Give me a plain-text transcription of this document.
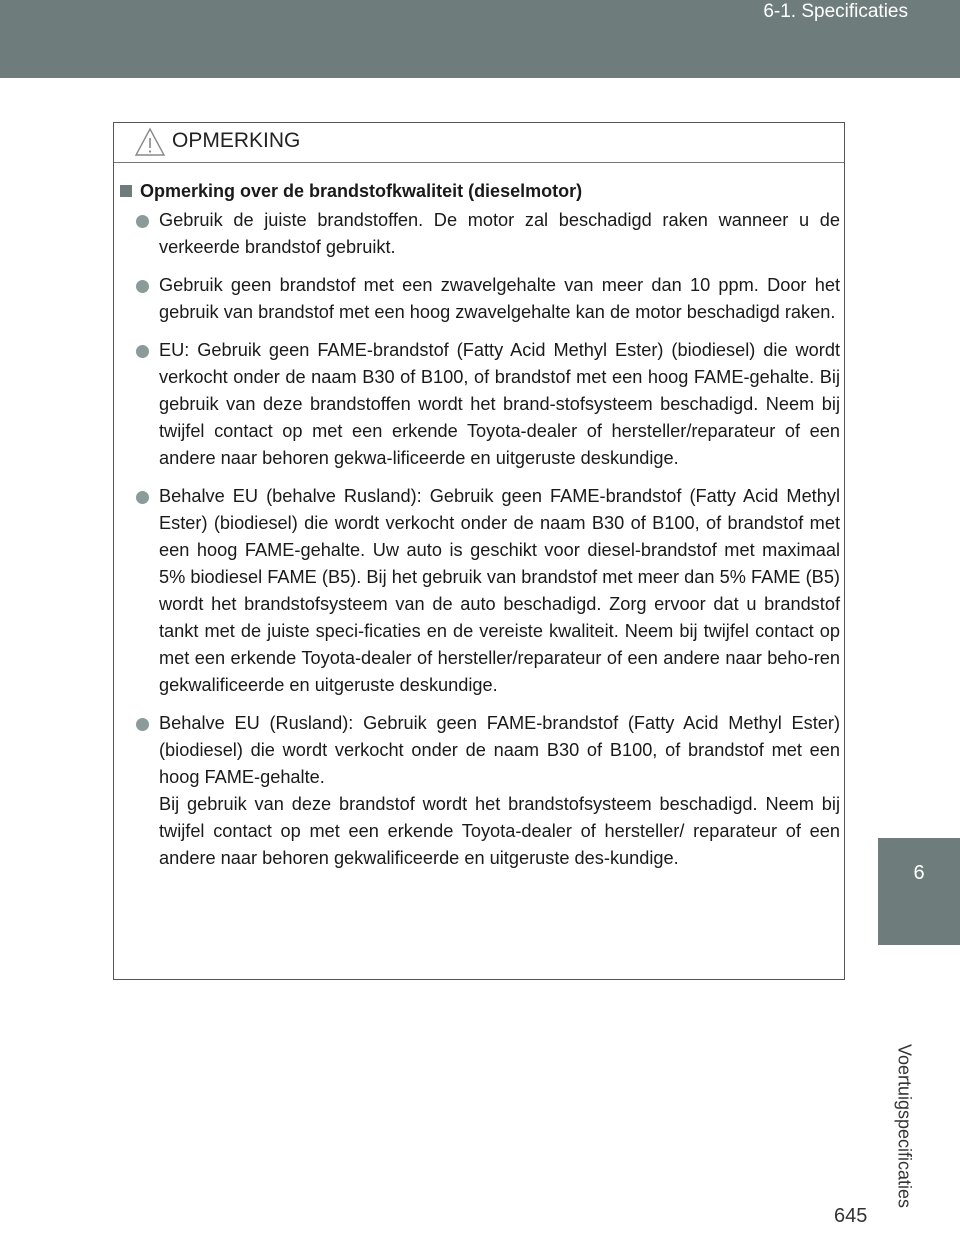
6-1. Specificaties
OPMERKING
Opmerking over de brandstofkwaliteit (dieselmotor)
Gebruik de juiste brandstoffen. De motor zal beschadigd raken wanneer u de verkeerde brandstof gebruikt.
Gebruik geen brandstof met een zwavelgehalte van meer dan 10 ppm. Door het gebruik van brandstof met een hoog zwavelgehalte kan de motor beschadigd raken.
EU: Gebruik geen FAME-brandstof (Fatty Acid Methyl Ester) (biodiesel) die wordt verkocht onder de naam B30 of B100, of brandstof met een hoog FAME-gehalte. Bij gebruik van deze brandstoffen wordt het brand-stofsysteem beschadigd. Neem bij twijfel contact op met een erkende Toyota-dealer of hersteller/reparateur of een andere naar behoren gekwa-lificeerde en uitgeruste deskundige.
Behalve EU (behalve Rusland): Gebruik geen FAME-brandstof (Fatty Acid Methyl Ester) (biodiesel) die wordt verkocht onder de naam B30 of B100, of brandstof met een hoog FAME-gehalte. Uw auto is geschikt voor diesel-brandstof met maximaal 5% biodiesel FAME (B5). Bij het gebruik van brandstof met meer dan 5% FAME (B5) wordt het brandstofsysteem van de auto beschadigd. Zorg ervoor dat u brandstof tankt met de juiste speci-ficaties en de vereiste kwaliteit. Neem bij twijfel contact op met een erkende Toyota-dealer of hersteller/reparateur of een andere naar beho-ren gekwalificeerde en uitgeruste deskundige.
Behalve EU (Rusland): Gebruik geen FAME-brandstof (Fatty Acid Methyl Ester) (biodiesel) die wordt verkocht onder de naam B30 of B100, of brandstof met een hoog FAME-gehalte.
Bij gebruik van deze brandstof wordt het brandstofsysteem beschadigd. Neem bij twijfel contact op met een erkende Toyota-dealer of hersteller/ reparateur of een andere naar behoren gekwalificeerde en uitgeruste des-kundige.
6
Voertuigspecificaties
645
